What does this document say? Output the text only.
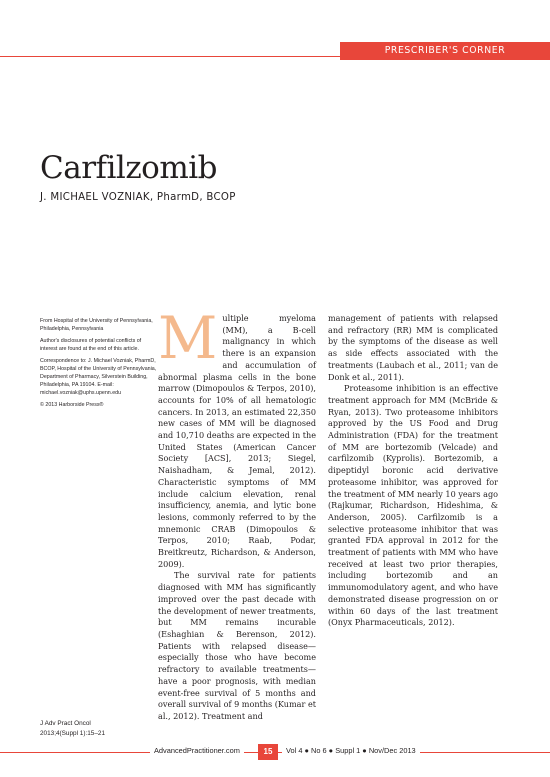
PRESCRIBER'S CORNER
Carfilzomib
J. MICHAEL VOZNIAK, PharmD, BCOP

From Hospital of the University of Pennsylvania, Philadelphia, Pennsylvania

Author's disclosures of potential conflicts of interest are found at the end of this article.

Correspondence to: J. Michael Vozniak, PharmD, BCOP, Hospital of the University of Pennsylvania, Department of Pharmacy, Silverstein Building, Philadelphia, PA 19104. E-mail: michael.vozniak@uphs.upenn.edu

© 2013 Harborside Press®

J Adv Pract Oncol
2013;4(Suppl 1):15–21

Multiple myeloma (MM), a B-cell malignancy in which there is an expansion and accumulation of abnormal plasma cells in the bone marrow (Dimopoulos & Terpos, 2010), accounts for 10% of all hematologic cancers. In 2013, an estimated 22,350 new cases of MM will be diagnosed and 10,710 deaths are expected in the United States (American Cancer Society [ACS], 2013; Siegel, Naishadham, & Jemal, 2012). Characteristic symptoms of MM include calcium elevation, renal insufficiency, anemia, and lytic bone lesions, commonly referred to by the mnemonic CRAB (Dimopoulos & Terpos, 2010; Raab, Podar, Breitkreutz, Richardson, & Anderson, 2009).

The survival rate for patients diagnosed with MM has significantly improved over the past decade with the development of newer treatments, but MM remains incurable (Eshaghian & Berenson, 2012). Patients with relapsed disease—especially those who have become refractory to available treatments—have a poor prognosis, with median event-free survival of 5 months and overall survival of 9 months (Kumar et al., 2012). Treatment and

management of patients with relapsed and refractory (RR) MM is complicated by the symptoms of the disease as well as side effects associated with the treatments (Laubach et al., 2011; van de Donk et al., 2011).

Proteasome inhibition is an effective treatment approach for MM (McBride & Ryan, 2013). Two proteasome inhibitors approved by the US Food and Drug Administration (FDA) for the treatment of MM are bortezomib (Velcade) and carfilzomib (Kyprolis). Bortezomib, a dipeptidyl boronic acid derivative proteasome inhibitor, was approved for the treatment of MM nearly 10 years ago (Rajkumar, Richardson, Hideshima, & Anderson, 2005). Carfilzomib is a selective proteasome inhibitor that was granted FDA approval in 2012 for the treatment of patients with MM who have received at least two prior therapies, including bortezomib and an immunomodulatory agent, and who have demonstrated disease progression on or within 60 days of the last treatment (Onyx Pharmaceuticals, 2012).

AdvancedPractitioner.com	15	Vol 4 ● No 6 ● Suppl 1 ● Nov/Dec 2013
